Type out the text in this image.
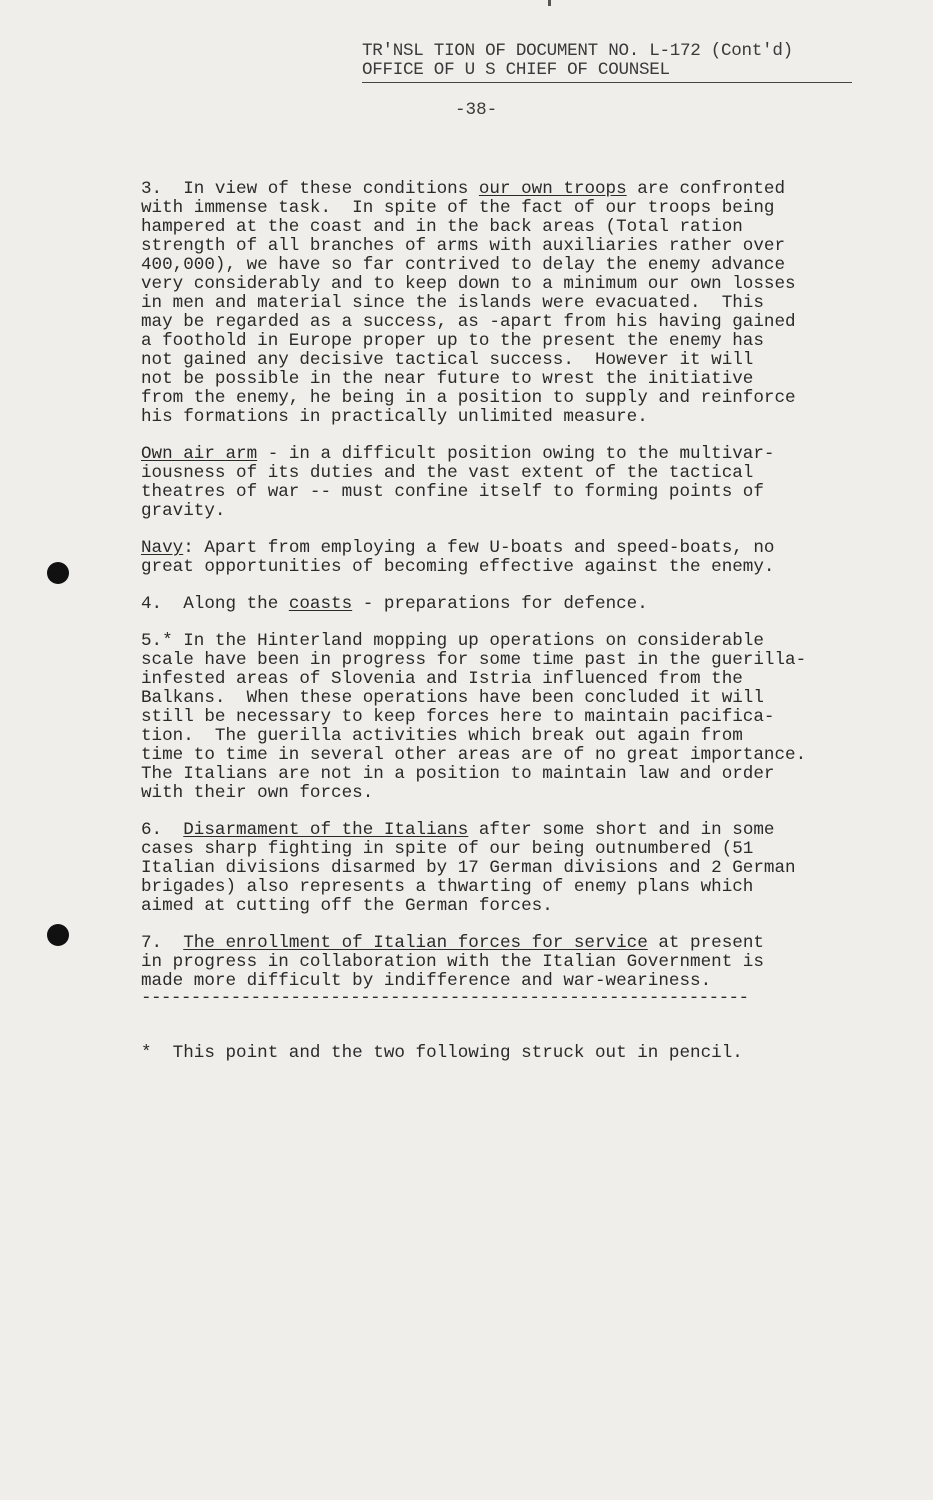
TR'NSL TION OF DOCUMENT NO. L-172 (Cont'd)
OFFICE OF U S CHIEF OF COUNSEL
-38-
3.  In view of these conditions our own troops are confronted
with immense task.  In spite of the fact of our troops being
hampered at the coast and in the back areas (Total ration
strength of all branches of arms with auxiliaries rather over
400,000), we have so far contrived to delay the enemy advance
very considerably and to keep down to a minimum our own losses
in men and material since the islands were evacuated.  This
may be regarded as a success, as -apart from his having gained
a foothold in Europe proper up to the present the enemy has
not gained any decisive tactical success.  However it will
not be possible in the near future to wrest the initiative
from the enemy, he being in a position to supply and reinforce
his formations in practically unlimited measure.
Own air arm - in a difficult position owing to the multivar-
iousness of its duties and the vast extent of the tactical
theatres of war -- must confine itself to forming points of
gravity.
Navy: Apart from employing a few U-boats and speed-boats, no
great opportunities of becoming effective against the enemy.
4.  Along the coasts - preparations for defence.
5.* In the Hinterland mopping up operations on considerable
scale have been in progress for some time past in the guerilla-
infested areas of Slovenia and Istria influenced from the
Balkans.  When these operations have been concluded it will
still be necessary to keep forces here to maintain pacifica-
tion.  The guerilla activities which break out again from
time to time in several other areas are of no great importance.
The Italians are not in a position to maintain law and order
with their own forces.
6.  Disarmament of the Italians after some short and in some
cases sharp fighting in spite of our being outnumbered (51
Italian divisions disarmed by 17 German divisions and 2 German
brigades) also represents a thwarting of enemy plans which
aimed at cutting off the German forces.
7.  The enrollment of Italian forces for service at present
in progress in collaboration with the Italian Government is
made more difficult by indifference and war-weariness.
-------------------------------------------------------------
*  This point and the two following struck out in pencil.
